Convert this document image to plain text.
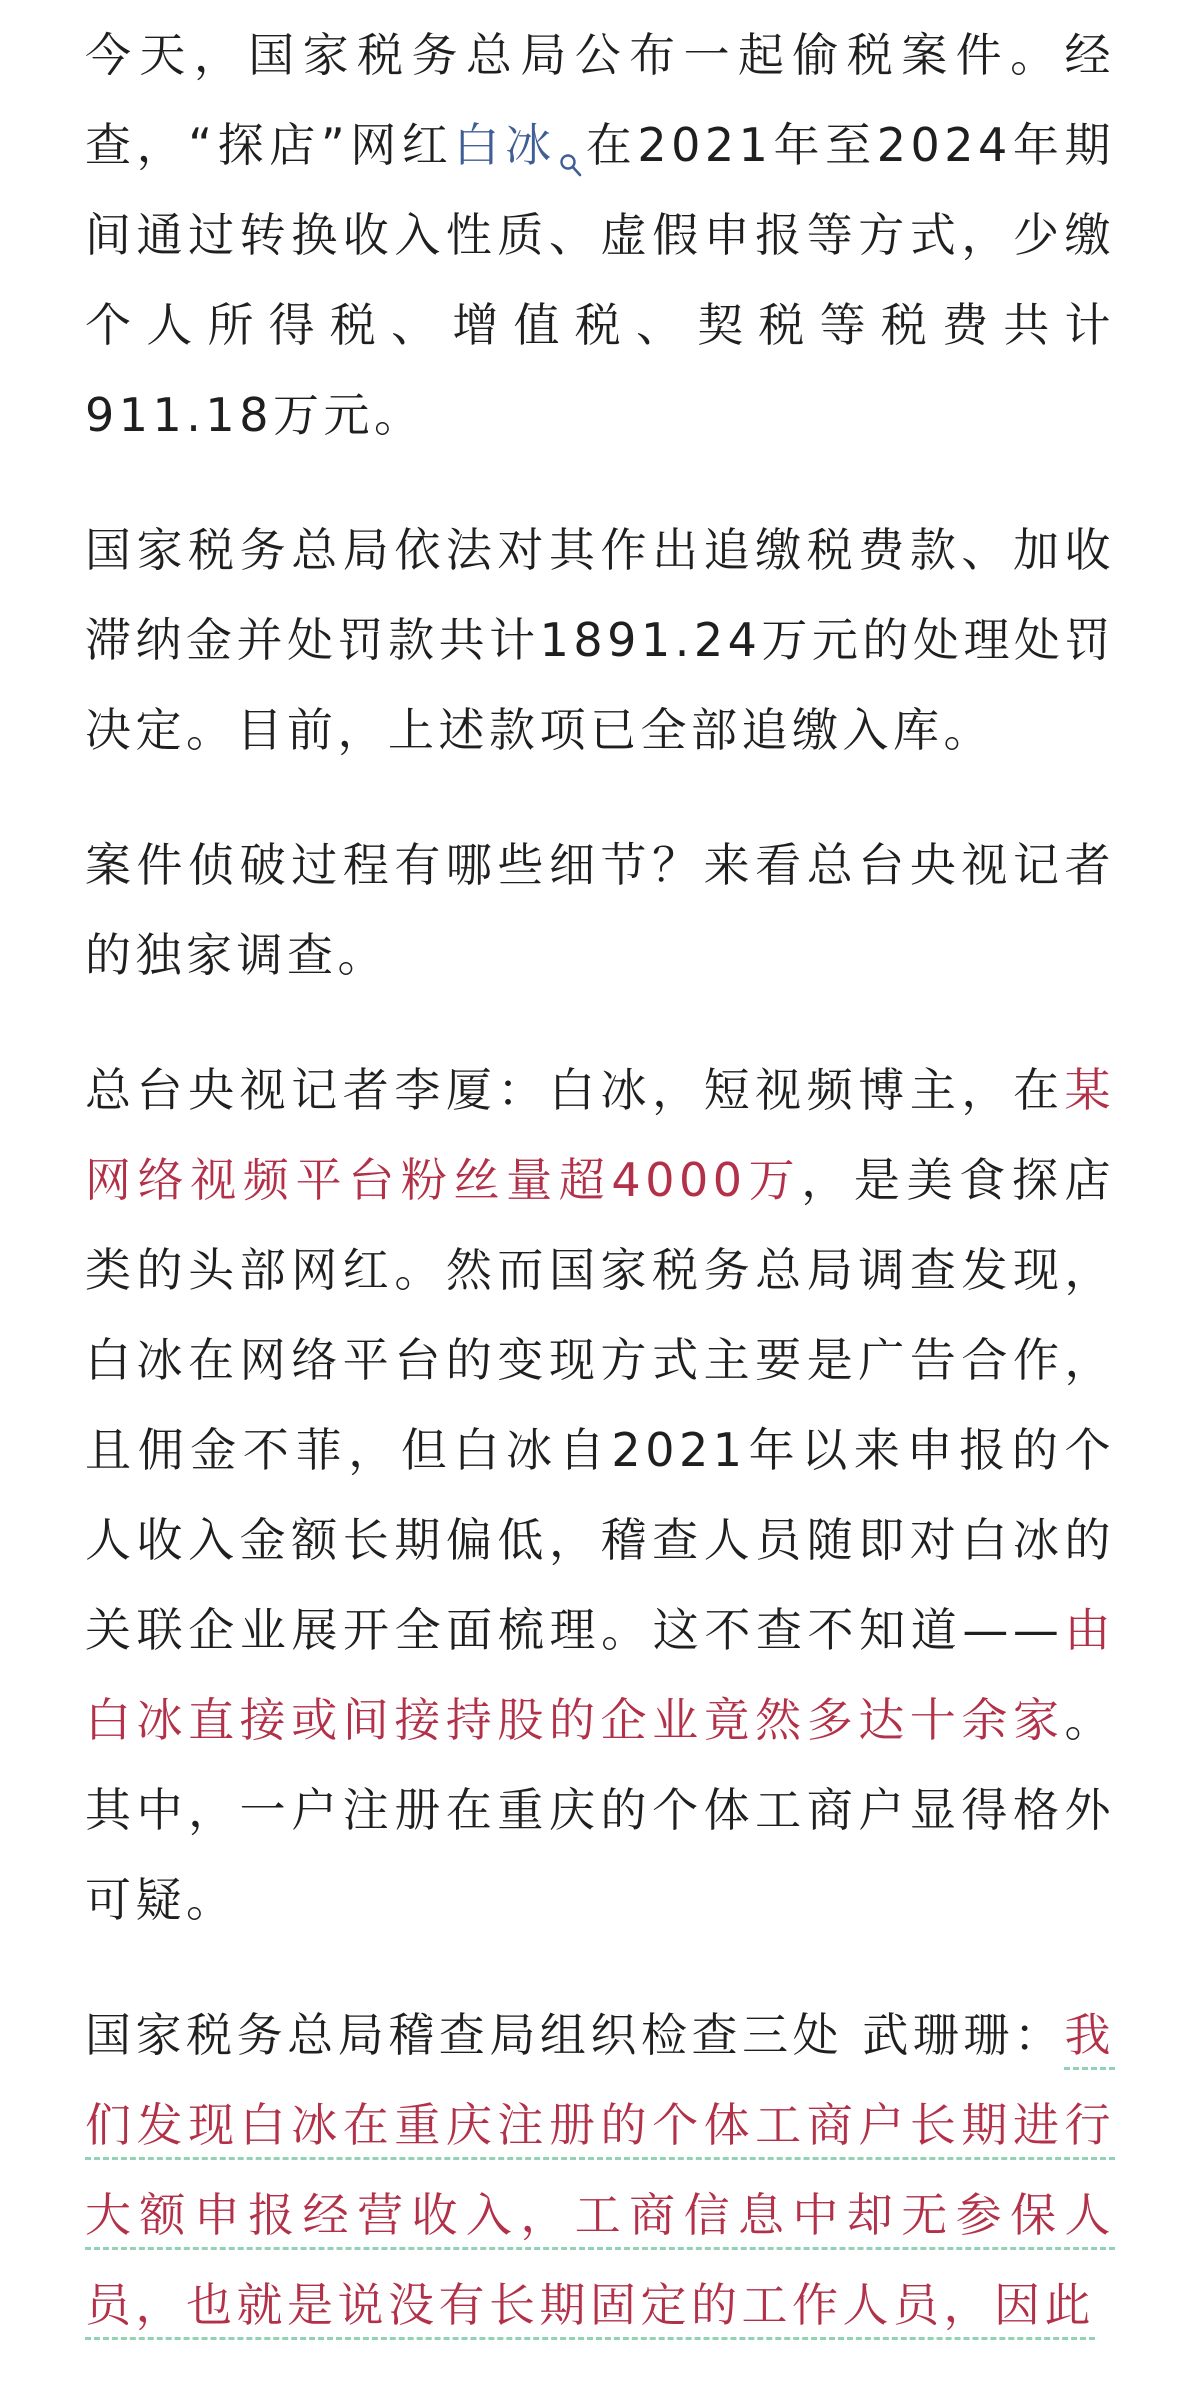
今天，国家税务总局公布一起偷税案件。经查，“探店”网红白冰 在2021年至2024年期间通过转换收入性质、虚假申报等方式，少缴个人所得税、增值税、契税等税费共计911.18万元。

国家税务总局依法对其作出追缴税费款、加收滞纳金并处罚款共计1891.24万元的处理处罚决定。目前，上述款项已全部追缴入库。

案件侦破过程有哪些细节？来看总台央视记者的独家调查。

总台央视记者李厦：白冰，短视频博主，在某网络视频平台粉丝量超4000万，是美食探店类的头部网红。然而国家税务总局调查发现，白冰在网络平台的变现方式主要是广告合作，且佣金不菲，但白冰自2021年以来申报的个人收入金额长期偏低，稽查人员随即对白冰的关联企业展开全面梳理。这不查不知道——由白冰直接或间接持股的企业竟然多达十余家。其中，一户注册在重庆的个体工商户显得格外可疑。

国家税务总局稽查局组织检查三处 武珊珊：我们发现白冰在重庆注册的个体工商户长期进行大额申报经营收入，工商信息中却无参保人员，也就是说没有长期固定的工作人员，因此
